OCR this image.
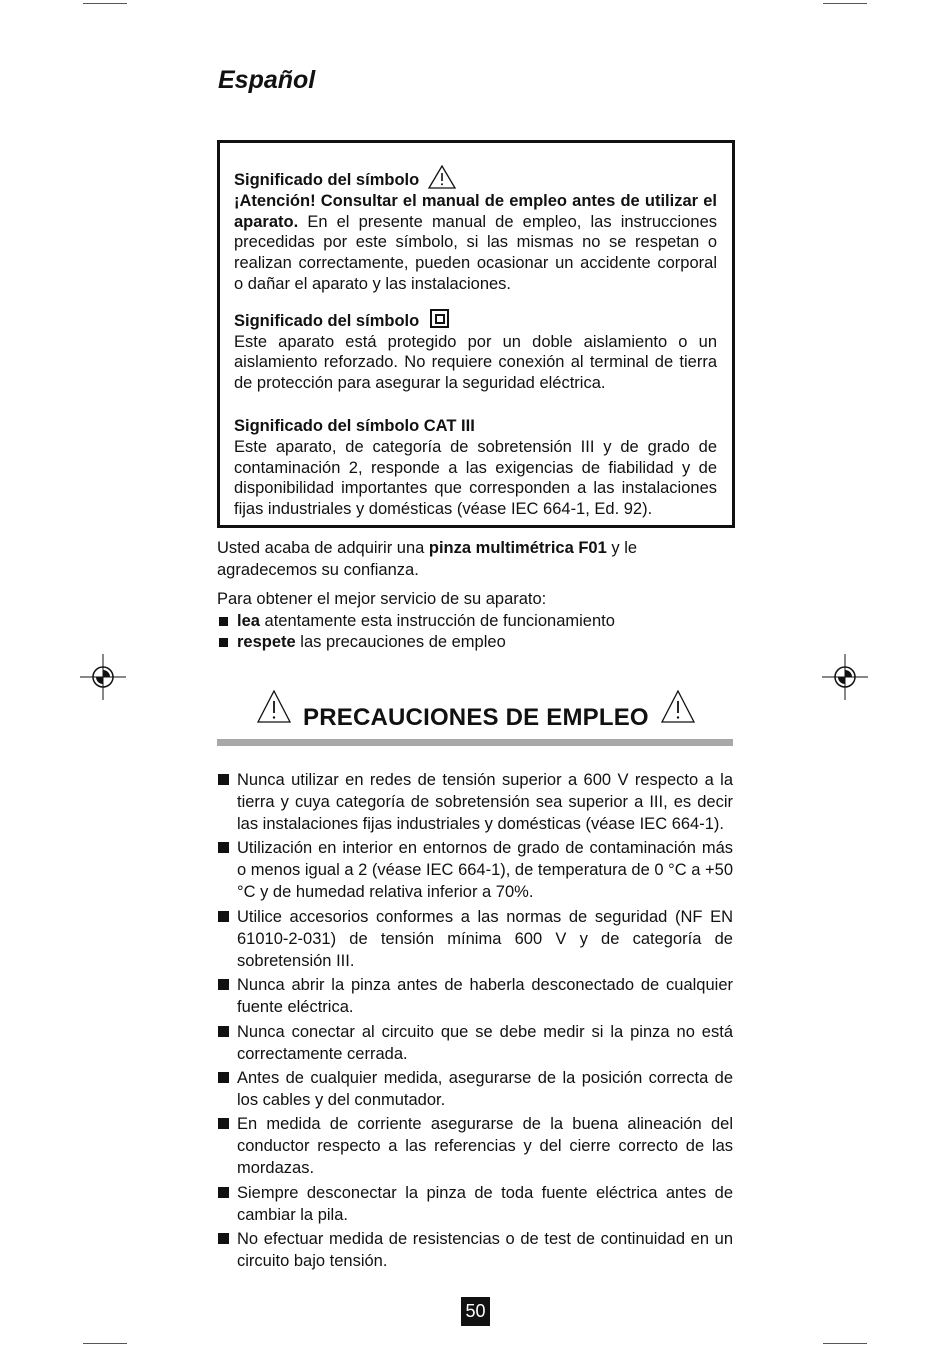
Español

Significado del símbolo
¡Atención! Consultar el manual de empleo antes de utilizar el aparato. En el presente manual de empleo, las instrucciones precedidas por este símbolo, si las mismas no se respetan o realizan correctamente, pueden ocasionar un accidente corporal o dañar el aparato y las instalaciones.

Significado del símbolo
Este aparato está protegido por un doble aislamiento o un aislamiento reforzado. No requiere conexión al terminal de tierra de protección para asegurar la seguridad eléctrica.

Significado del símbolo CAT III
Este aparato, de categoría de sobretensión III y de grado de contaminación 2, responde a las exigencias de fiabilidad y de disponibilidad importantes que corresponden a las instalaciones fijas industriales y domésticas (véase IEC 664-1, Ed. 92).

Usted acaba de adquirir una pinza multimétrica F01 y le agradecemos su confianza.

Para obtener el mejor servicio de su aparato:

lea atentamente esta instrucción de funcionamiento

respete las precauciones de empleo

PRECAUCIONES DE EMPLEO
Nunca utilizar en redes de tensión superior a 600 V respecto a la tierra y cuya categoría de sobretensión sea superior a III, es decir las instalaciones fijas industriales y domésticas (véase IEC 664-1).
Utilización en interior en entornos de grado de contaminación más o menos igual a 2 (véase IEC 664-1), de temperatura de 0 °C a +50 °C y de humedad relativa inferior a 70%.
Utilice accesorios conformes a las normas de seguridad (NF EN 61010-2-031) de tensión mínima 600 V y de categoría de sobretensión III.
Nunca abrir la pinza antes de haberla desconectado de cualquier fuente eléctrica.
Nunca conectar al circuito que se debe medir si la pinza no está correctamente cerrada.
Antes de cualquier medida, asegurarse de la posición correcta de los cables y del conmutador.
En medida de corriente asegurarse de la buena alineación del conductor respecto a las referencias y del cierre correcto de las mordazas.
Siempre desconectar la pinza de toda fuente eléctrica antes de cambiar la pila.
No efectuar medida de resistencias o de test de continuidad en un circuito bajo tensión.
50
